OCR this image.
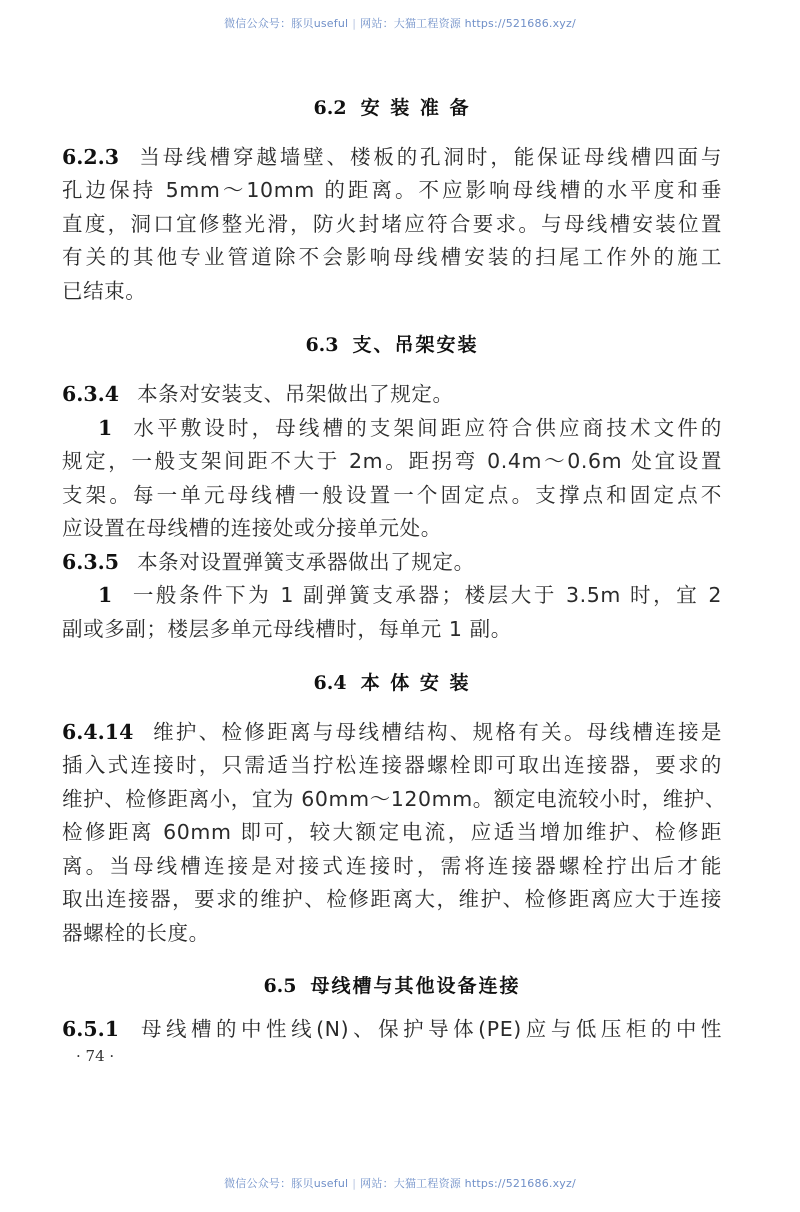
微信公众号：豚贝useful | 网站：大猫工程资源 https://521686.xyz/
6.2 安 装 准 备
6.2.3 当母线槽穿越墙壁、楼板的孔洞时，能保证母线槽四面与
孔边保持 5mm～10mm 的距离。不应影响母线槽的水平度和垂
直度，洞口宜修整光滑，防火封堵应符合要求。与母线槽安装位置
有关的其他专业管道除不会影响母线槽安装的扫尾工作外的施工
已结束。
6.3 支、吊架安装
6.3.4 本条对安装支、吊架做出了规定。
1 水平敷设时，母线槽的支架间距应符合供应商技术文件的
规定，一般支架间距不大于 2m。距拐弯 0.4m～0.6m 处宜设置
支架。每一单元母线槽一般设置一个固定点。支撑点和固定点不
应设置在母线槽的连接处或分接单元处。
6.3.5 本条对设置弹簧支承器做出了规定。
1 一般条件下为 1 副弹簧支承器；楼层大于 3.5m 时，宜 2
副或多副；楼层多单元母线槽时，每单元 1 副。
6.4 本 体 安 装
6.4.14 维护、检修距离与母线槽结构、规格有关。母线槽连接是
插入式连接时，只需适当拧松连接器螺栓即可取出连接器，要求的
维护、检修距离小，宜为 60mm～120mm。额定电流较小时，维护、
检修距离 60mm 即可，较大额定电流，应适当增加维护、检修距
离。当母线槽连接是对接式连接时，需将连接器螺栓拧出后才能
取出连接器，要求的维护、检修距离大，维护、检修距离应大于连接
器螺栓的长度。
6.5 母线槽与其他设备连接
6.5.1 母线槽的中性线(N)、保护导体(PE)应与低压柜的中性
· 74 ·
微信公众号：豚贝useful | 网站：大猫工程资源 https://521686.xyz/
